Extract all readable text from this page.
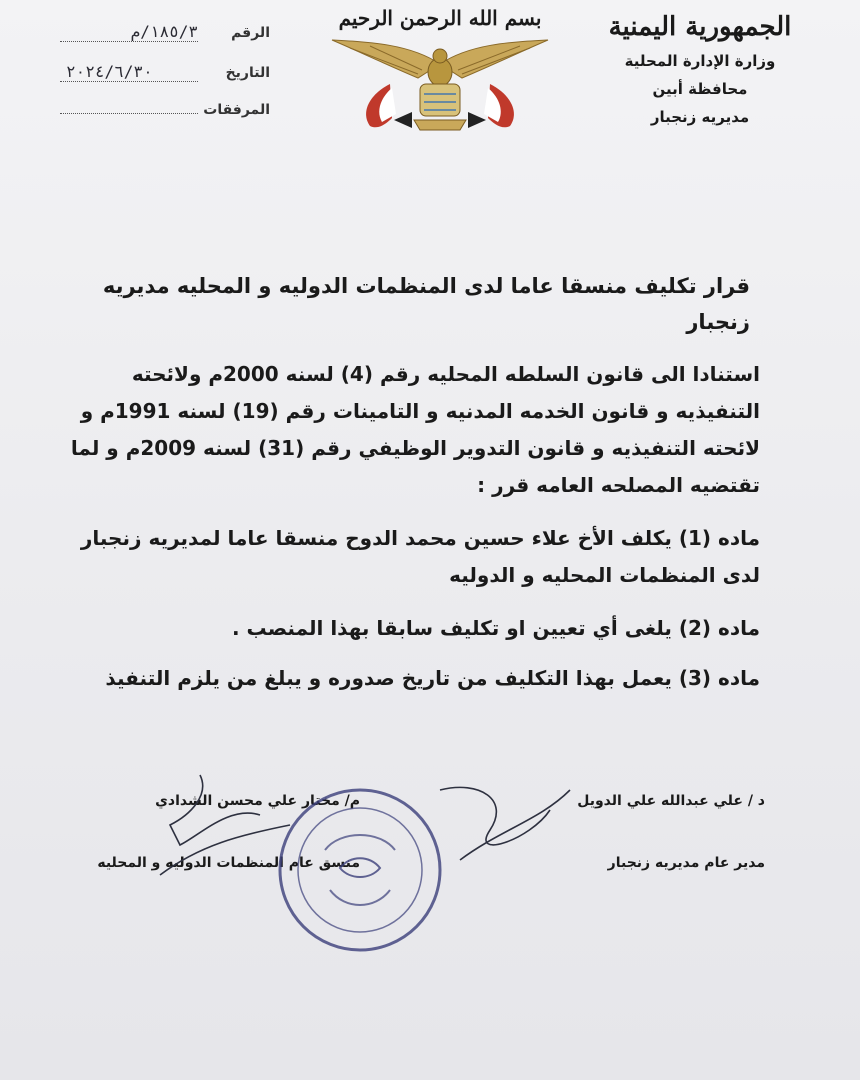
الجمهورية اليمنية
وزارة الإدارة المحلية
محافظة أبين
مديريه زنجبار
بسم الله الرحمن الرحيم
١٨٥/٣/م	الرقم
٢٠٢٤/٦/٣٠	التاريخ
المرفقات
قرار تكليف منسقا عاما لدى المنظمات الدوليه و المحليه مديريه زنجبار
استنادا الى قانون السلطه المحليه رقم (4) لسنه 2000م ولائحته التنفيذيه و قانون الخدمه المدنيه و التامينات رقم (19) لسنه 1991م و لائحته التنفيذيه و قانون التدوير الوظيفي رقم (31) لسنه 2009م و لما تقتضيه المصلحه العامه قرر :
ماده (1) يكلف الأخ علاء حسين محمد الدوح منسقا عاما لمديريه زنجبار لدى المنظمات المحليه و الدوليه
ماده (2) يلغى أي تعيين او تكليف سابقا بهذا المنصب .
ماده (3) يعمل بهذا التكليف من تاريخ صدوره و يبلغ من يلزم التنفيذ
د / علي عبدالله علي الدويل
مدير عام مديريه زنجبار
م/ مختار علي محسن الشدادي
منسق عام المنظمات الدوليه و المحليه
